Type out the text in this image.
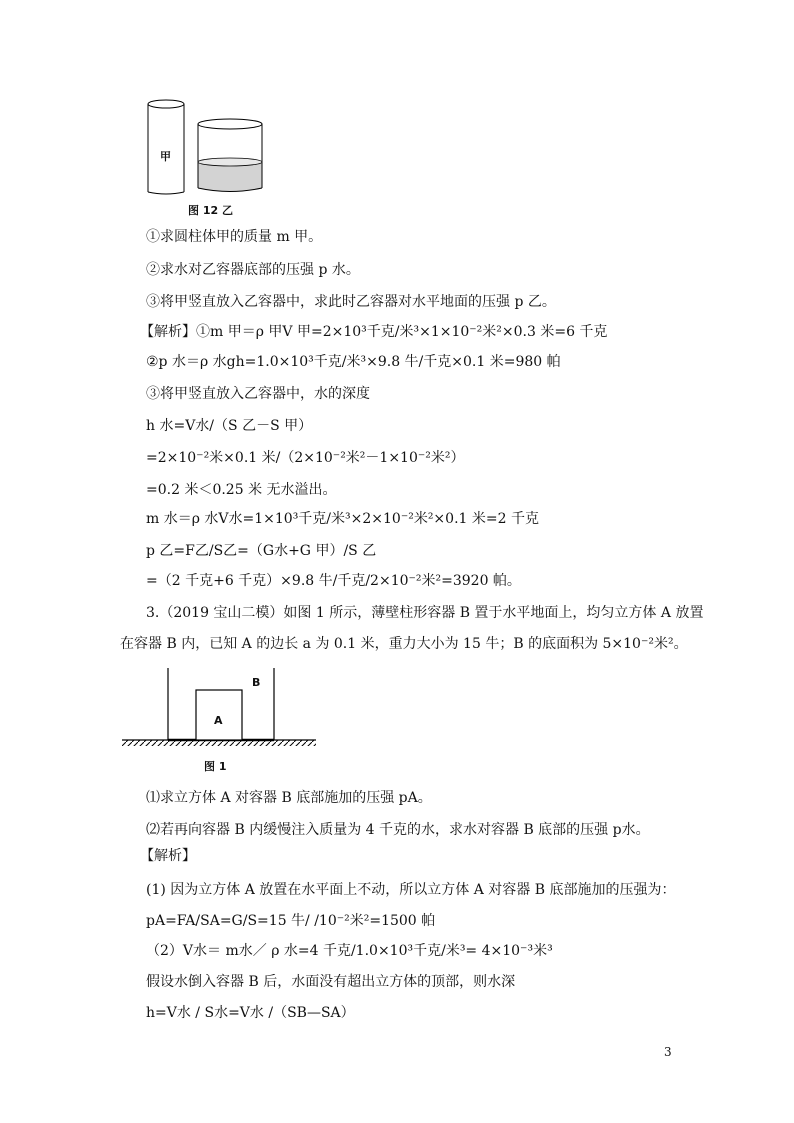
甲
图 12 乙
①求圆柱体甲的质量 m 甲。
②求水对乙容器底部的压强 p 水。
③将甲竖直放入乙容器中，求此时乙容器对水平地面的压强 p 乙。
【解析】①m 甲＝ρ 甲V 甲=2×10³千克/米³×1×10⁻²米²×0.3 米=6 千克
②p 水＝ρ 水gh=1.0×10³千克/米³×9.8 牛/千克×0.1 米=980 帕
③将甲竖直放入乙容器中，水的深度
h 水=V水/（S 乙－S 甲）
=2×10⁻²米×0.1 米/（2×10⁻²米²－1×10⁻²米²）
=0.2 米＜0.25 米 无水溢出。
m 水＝ρ 水V水=1×10³千克/米³×2×10⁻²米²×0.1 米=2 千克
p 乙=F乙/S乙=（G水+G 甲）/S 乙
=（2 千克+6 千克）×9.8 牛/千克/2×10⁻²米²=3920 帕。
3.（2019 宝山二模）如图 1 所示，薄壁柱形容器 B 置于水平地面上，均匀立方体 A 放置
在容器 B 内，已知 A 的边长 a 为 0.1 米，重力大小为 15 牛；B 的底面积为 5×10⁻²米²。
A
B
图 1
⑴求立方体 A 对容器 B 底部施加的压强 pA。
⑵若再向容器 B 内缓慢注入质量为 4 千克的水，求水对容器 B 底部的压强 p水。
【解析】
(1) 因为立方体 A 放置在水平面上不动，所以立方体 A 对容器 B 底部施加的压强为：
pA=FA/SA=G/S=15 牛/ /10⁻²米²=1500 帕
（2）V水＝ m水／ ρ 水=4 千克/1.0×10³千克/米³= 4×10⁻³米³
假设水倒入容器 B 后，水面没有超出立方体的顶部，则水深
h=V水 / S水=V水 /（SB—SA）
3
